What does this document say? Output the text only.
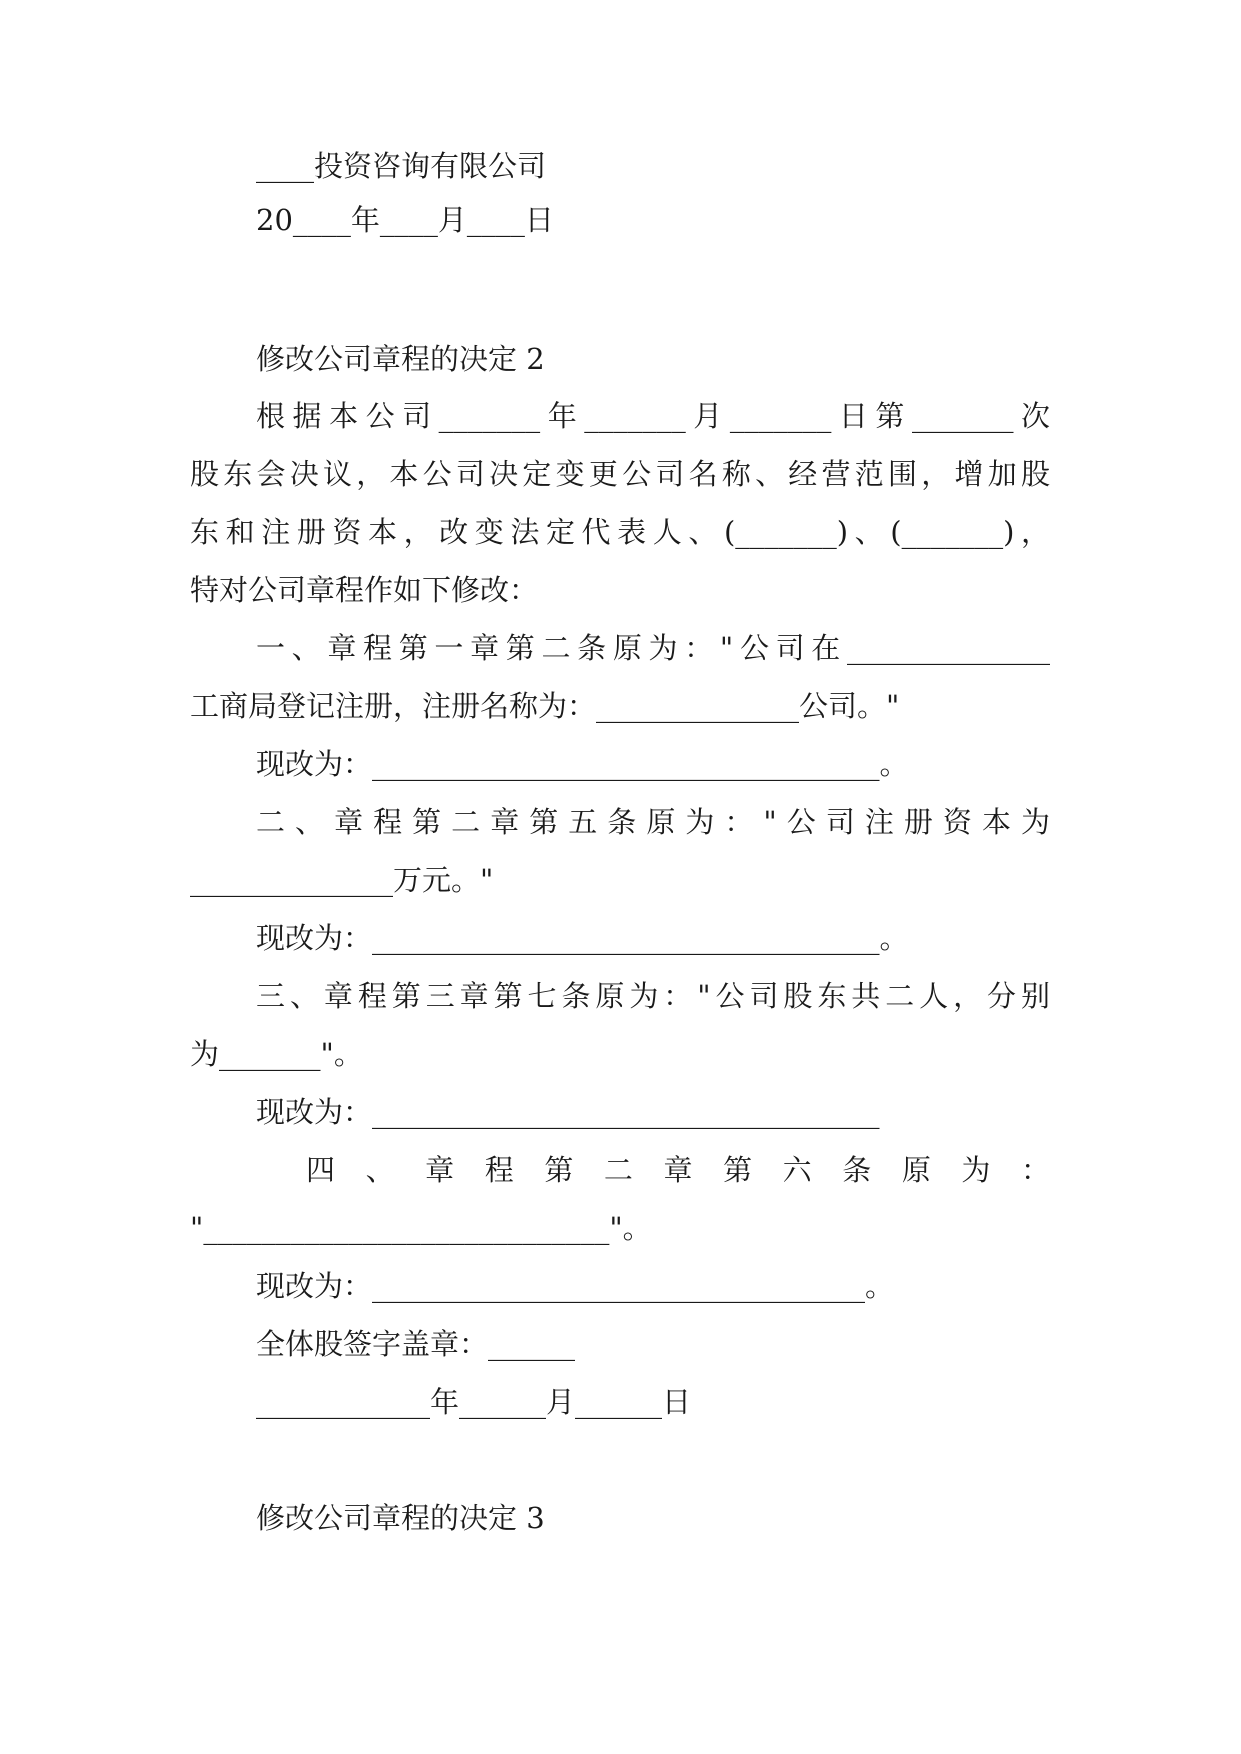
____投资咨询有限公司
20____年____月____日
修改公司章程的决定 2
根据本公司_______年_______月_______日第_______次
股东会决议，本公司决定变更公司名称、经营范围，增加股
东和注册资本，改变法定代表人、(_______)、(_______)，
特对公司章程作如下修改：
一、章程第一章第二条原为："公司在______________
工商局登记注册，注册名称为：______________公司。"
现改为：___________________________________。
二、章程第二章第五条原为："公司注册资本为
______________万元。"
现改为：___________________________________。
三、章程第三章第七条原为："公司股东共二人，分别
为_______"。
现改为：___________________________________
四、章程第二章第六条原为：
"____________________________"。
现改为：__________________________________。
全体股签字盖章：______
____________年______月______日
修改公司章程的决定 3
